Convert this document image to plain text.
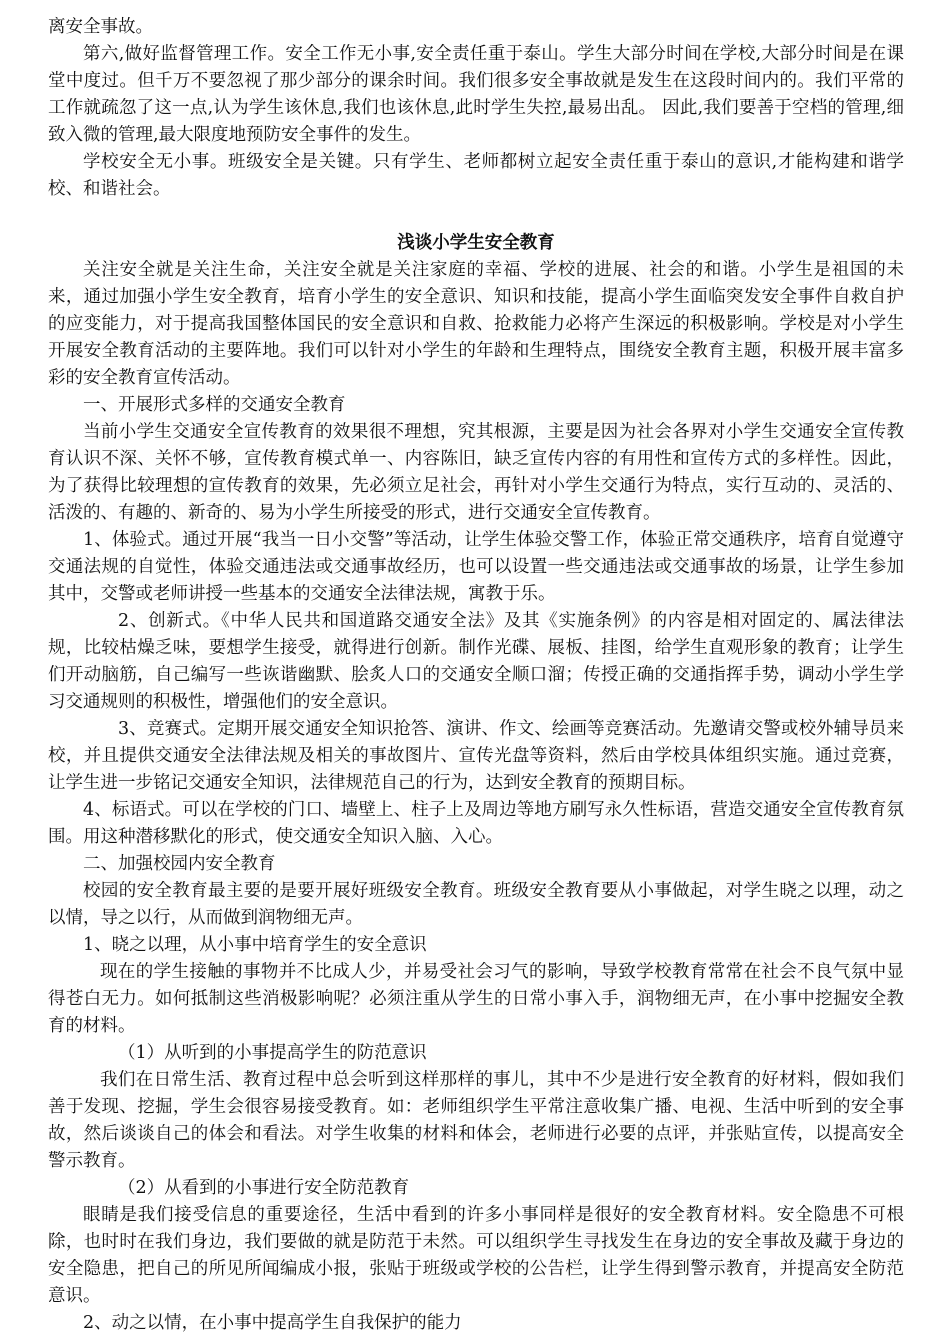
离安全事故。

第六,做好监督管理工作。安全工作无小事,安全责任重于泰山。学生大部分时间在学校,大部分时间是在课堂中度过。但千万不要忽视了那少部分的课余时间。我们很多安全事故就是发生在这段时间内的。我们平常的工作就疏忽了这一点,认为学生该休息,我们也该休息,此时学生失控,最易出乱。 因此,我们要善于空档的管理,细致入微的管理,最大限度地预防安全事件的发生。

学校安全无小事。班级安全是关键。只有学生、老师都树立起安全责任重于泰山的意识,才能构建和谐学校、和谐社会。

浅谈小学生安全教育

关注安全就是关注生命，关注安全就是关注家庭的幸福、学校的进展、社会的和谐。小学生是祖国的未来，通过加强小学生安全教育，培育小学生的安全意识、知识和技能，提高小学生面临突发安全事件自救自护的应变能力，对于提高我国整体国民的安全意识和自救、抢救能力必将产生深远的积极影响。学校是对小学生开展安全教育活动的主要阵地。我们可以针对小学生的年龄和生理特点，围绕安全教育主题，积极开展丰富多彩的安全教育宣传活动。

一、开展形式多样的交通安全教育

当前小学生交通安全宣传教育的效果很不理想，究其根源，主要是因为社会各界对小学生交通安全宣传教育认识不深、关怀不够，宣传教育模式单一、内容陈旧，缺乏宣传内容的有用性和宣传方式的多样性。因此，为了获得比较理想的宣传教育的效果，先必须立足社会，再针对小学生交通行为特点，实行互动的、灵活的、活泼的、有趣的、新奇的、易为小学生所接受的形式，进行交通安全宣传教育。

1、体验式。通过开展“我当一日小交警”等活动，让学生体验交警工作，体验正常交通秩序，培育自觉遵守交通法规的自觉性，体验交通违法或交通事故经历，也可以设置一些交通违法或交通事故的场景，让学生参加其中，交警或老师讲授一些基本的交通安全法律法规，寓教于乐。

2、创新式。《中华人民共和国道路交通安全法》及其《实施条例》的内容是相对固定的、属法律法规，比较枯燥乏味，要想学生接受，就得进行创新。制作光碟、展板、挂图，给学生直观形象的教育；让学生们开动脑筋，自己编写一些诙谐幽默、脍炙人口的交通安全顺口溜；传授正确的交通指挥手势，调动小学生学习交通规则的积极性，增强他们的安全意识。

3、竞赛式。定期开展交通安全知识抢答、演讲、作文、绘画等竞赛活动。先邀请交警或校外辅导员来校，并且提供交通安全法律法规及相关的事故图片、宣传光盘等资料，然后由学校具体组织实施。通过竞赛，让学生进一步铭记交通安全知识，法律规范自己的行为，达到安全教育的预期目标。

4、标语式。可以在学校的门口、墙壁上、柱子上及周边等地方刷写永久性标语，营造交通安全宣传教育氛围。用这种潜移默化的形式，使交通安全知识入脑、入心。

二、加强校园内安全教育

校园的安全教育最主要的是要开展好班级安全教育。班级安全教育要从小事做起，对学生晓之以理，动之以情，导之以行，从而做到润物细无声。

1、晓之以理，从小事中培育学生的安全意识

现在的学生接触的事物并不比成人少，并易受社会习气的影响，导致学校教育常常在社会不良气氛中显得苍白无力。如何抵制这些消极影响呢？必须注重从学生的日常小事入手，润物细无声，在小事中挖掘安全教育的材料。

（1）从听到的小事提高学生的防范意识

我们在日常生活、教育过程中总会听到这样那样的事儿，其中不少是进行安全教育的好材料，假如我们善于发现、挖掘，学生会很容易接受教育。如：老师组织学生平常注意收集广播、电视、生活中听到的安全事故，然后谈谈自己的体会和看法。对学生收集的材料和体会，老师进行必要的点评，并张贴宣传，以提高安全警示教育。

（2）从看到的小事进行安全防范教育

眼睛是我们接受信息的重要途径，生活中看到的许多小事同样是很好的安全教育材料。安全隐患不可根除，也时时在我们身边，我们要做的就是防范于未然。可以组织学生寻找发生在身边的安全事故及藏于身边的安全隐患，把自己的所见所闻编成小报，张贴于班级或学校的公告栏，让学生得到警示教育，并提高安全防范意识。

2、动之以情，在小事中提高学生自我保护的能力
